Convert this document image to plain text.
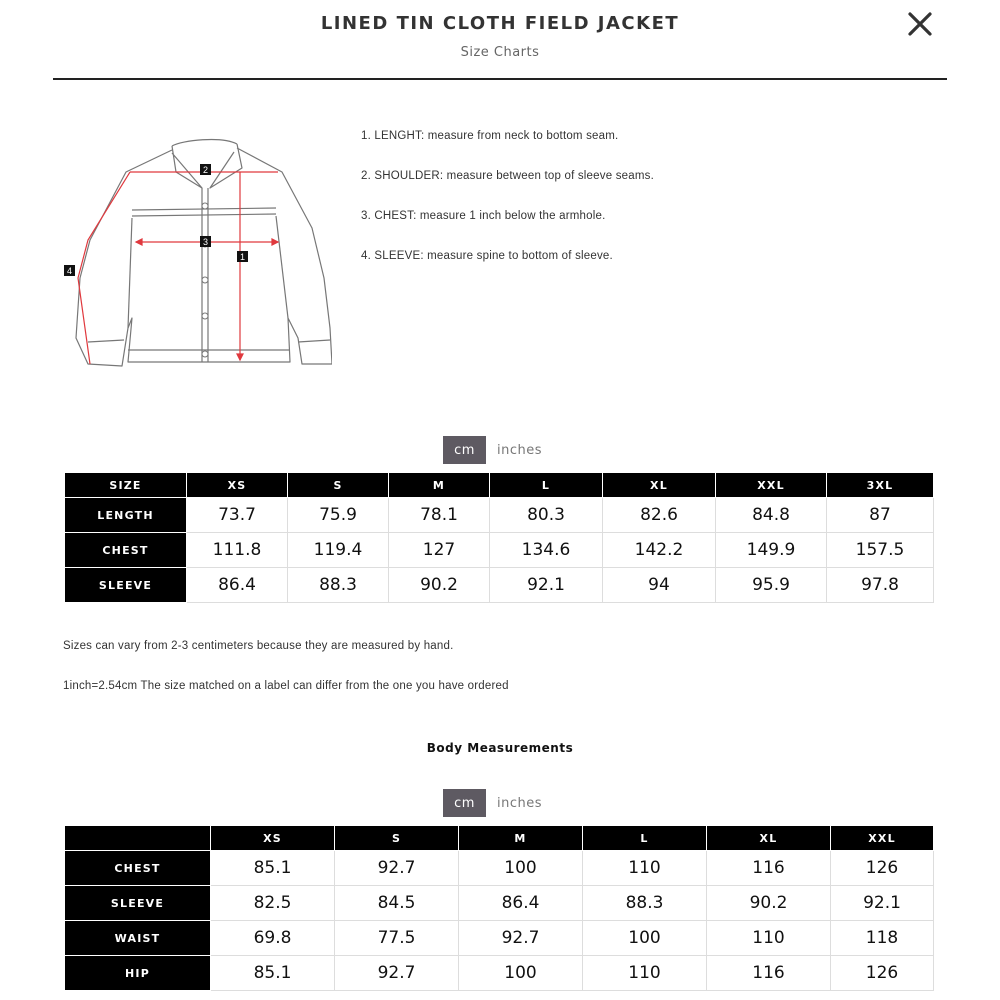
LINED TIN CLOTH FIELD JACKET
Size Charts
2
3
1
4
1. LENGHT: measure from neck to bottom seam.
2. SHOULDER: measure between top of sleeve seams.
3. CHEST: measure 1 inch below the armhole.
4. SLEEVE: measure spine to bottom of sleeve.
cm	inches
SIZE	XS	S	M	L	XL	XXL	3XL
LENGTH	73.7	75.9	78.1	80.3	82.6	84.8	87
CHEST	111.8	119.4	127	134.6	142.2	149.9	157.5
SLEEVE	86.4	88.3	90.2	92.1	94	95.9	97.8
Sizes can vary from 2-3 centimeters because they are measured by hand.
1inch=2.54cm The size matched on a label can differ from the one you have ordered
Body Measurements
cm	inches
	XS	S	M	L	XL	XXL
CHEST	85.1	92.7	100	110	116	126
SLEEVE	82.5	84.5	86.4	88.3	90.2	92.1
WAIST	69.8	77.5	92.7	100	110	118
HIP	85.1	92.7	100	110	116	126
